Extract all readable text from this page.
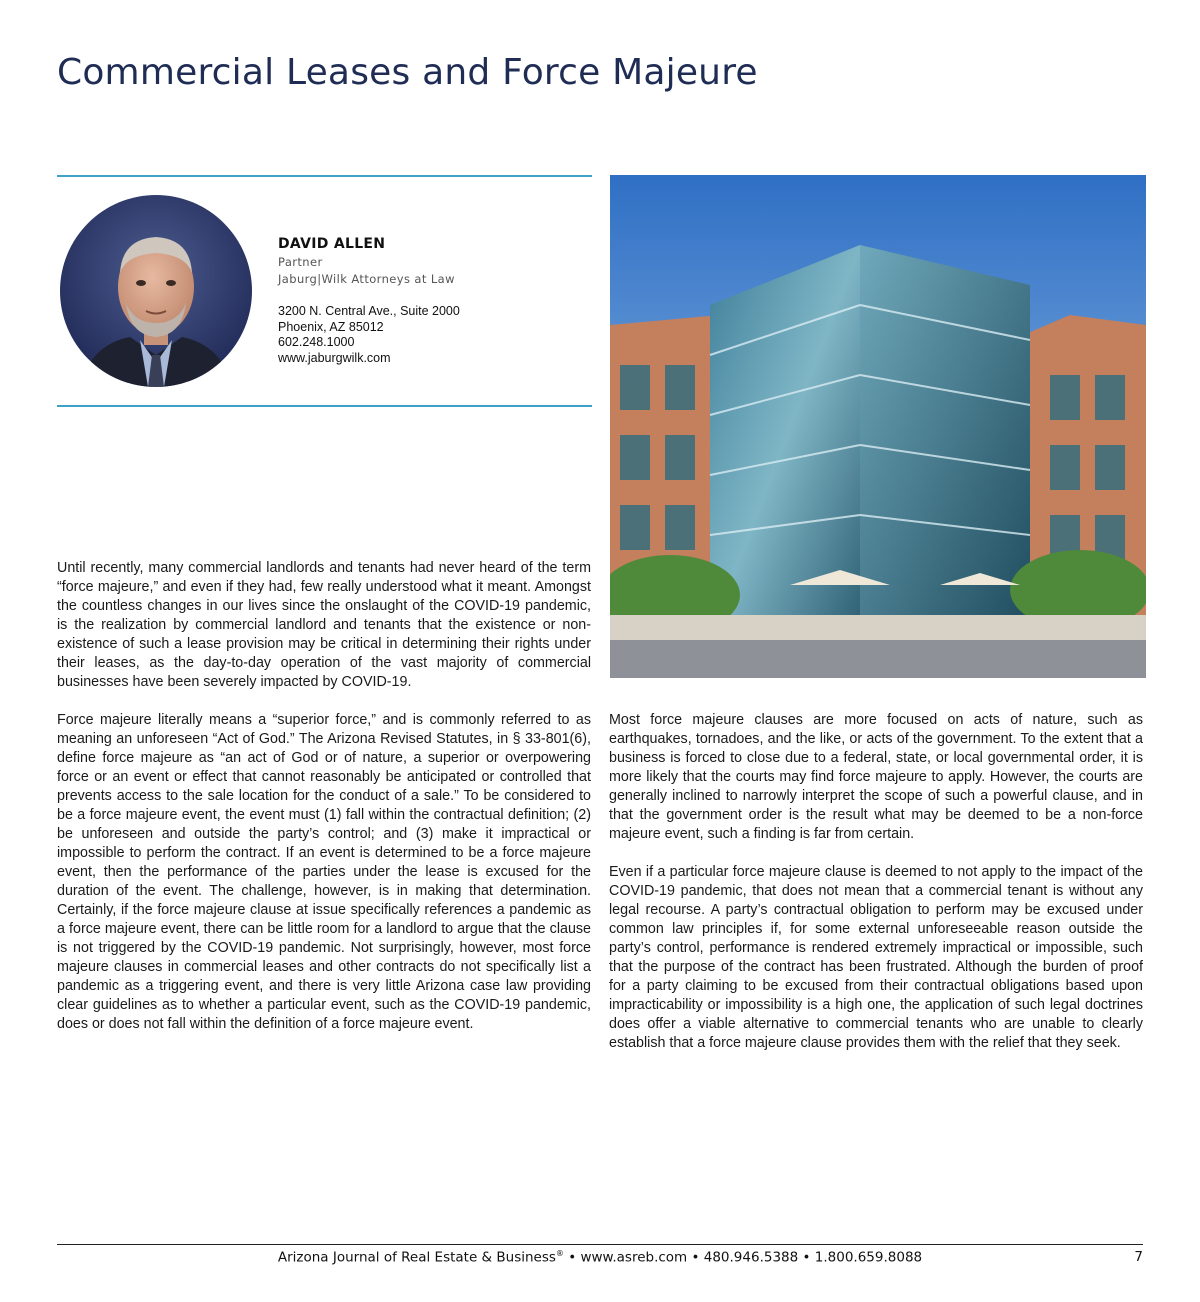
Commercial Leases and Force Majeure
DAVID ALLEN
Partner
Jaburg|Wilk Attorneys at Law
3200 N. Central Ave., Suite 2000
Phoenix, AZ 85012
602.248.1000
www.jaburgwilk.com

Until recently, many commercial landlords and tenants had never heard of the term “force majeure,” and even if they had, few really understood what it meant. Amongst the countless changes in our lives since the onslaught of the COVID-19 pandemic, is the realization by commercial landlord and tenants that the existence or non-existence of such a lease provision may be critical in determining their rights under their leases, as the day-to-day operation of the vast majority of commercial businesses have been severely impacted by COVID-19.

Force majeure literally means a “superior force,” and is commonly referred to as meaning an unforeseen “Act of God.” The Arizona Revised Statutes, in § 33-801(6), define force majeure as “an act of God or of nature, a superior or overpowering force or an event or effect that cannot reasonably be anticipated or controlled that prevents access to the sale location for the conduct of a sale.” To be considered to be a force majeure event, the event must (1) fall within the contractual definition; (2) be unforeseen and outside the party’s control; and (3) make it impractical or impossible to perform the contract. If an event is determined to be a force majeure event, then the performance of the parties under the lease is excused for the duration of the event. The challenge, however, is in making that determination. Certainly, if the force majeure clause at issue specifically references a pandemic as a force majeure event, there can be little room for a landlord to argue that the clause is not triggered by the COVID-19 pandemic. Not surprisingly, however, most force majeure clauses in commercial leases and other contracts do not specifically list a pandemic as a triggering event, and there is very little Arizona case law providing clear guidelines as to whether a particular event, such as the COVID-19 pandemic, does or does not fall within the definition of a force majeure event.

Most force majeure clauses are more focused on acts of nature, such as earthquakes, tornadoes, and the like, or acts of the government. To the extent that a business is forced to close due to a federal, state, or local governmental order, it is more likely that the courts may find force majeure to apply. However, the courts are generally inclined to narrowly interpret the scope of such a powerful clause, and in that the government order is the result what may be deemed to be a non-force majeure event, such a finding is far from certain.

Even if a particular force majeure clause is deemed to not apply to the impact of the COVID-19 pandemic, that does not mean that a commercial tenant is without any legal recourse. A party’s contractual obligation to perform may be excused under common law principles if, for some external unforeseeable reason outside the party’s control, performance is rendered extremely impractical or impossible, such that the purpose of the contract has been frustrated. Although the burden of proof for a party claiming to be excused from their contractual obligations based upon impracticability or impossibility is a high one, the application of such legal doctrines does offer a viable alternative to commercial tenants who are unable to clearly establish that a force majeure clause provides them with the relief that they seek.

Arizona Journal of Real Estate & Business® • www.asreb.com • 480.946.5388 • 1.800.659.8088	7
